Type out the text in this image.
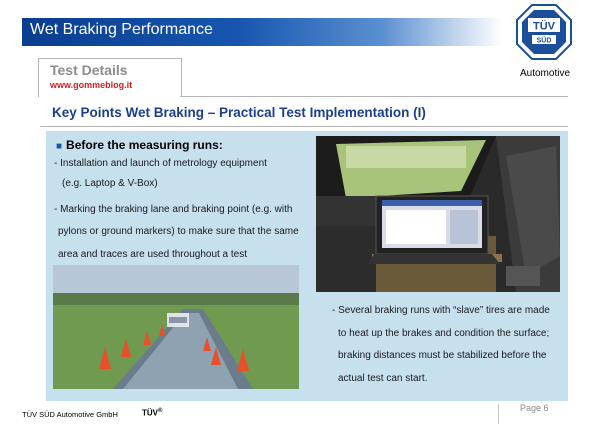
Wet Braking Performance	TÜV
SÜD
Automotive
Test Details
www.gommeblog.it
Key Points Wet Braking – Practical Test Implementation (I)
■ Before the measuring runs:
- Installation and launch of metrology equipment
(e.g. Laptop & V-Box)
- Marking the braking lane and braking point (e.g. with
pylons or ground markers) to make sure that the same
area and traces are used throughout a test
- Several braking runs with “slave” tires are made
to heat up the brakes and condition the surface;
braking distances must be stabilized before the
actual test can start.
Page 6
TÜV SÜD Automotive GmbH	TÜV®
